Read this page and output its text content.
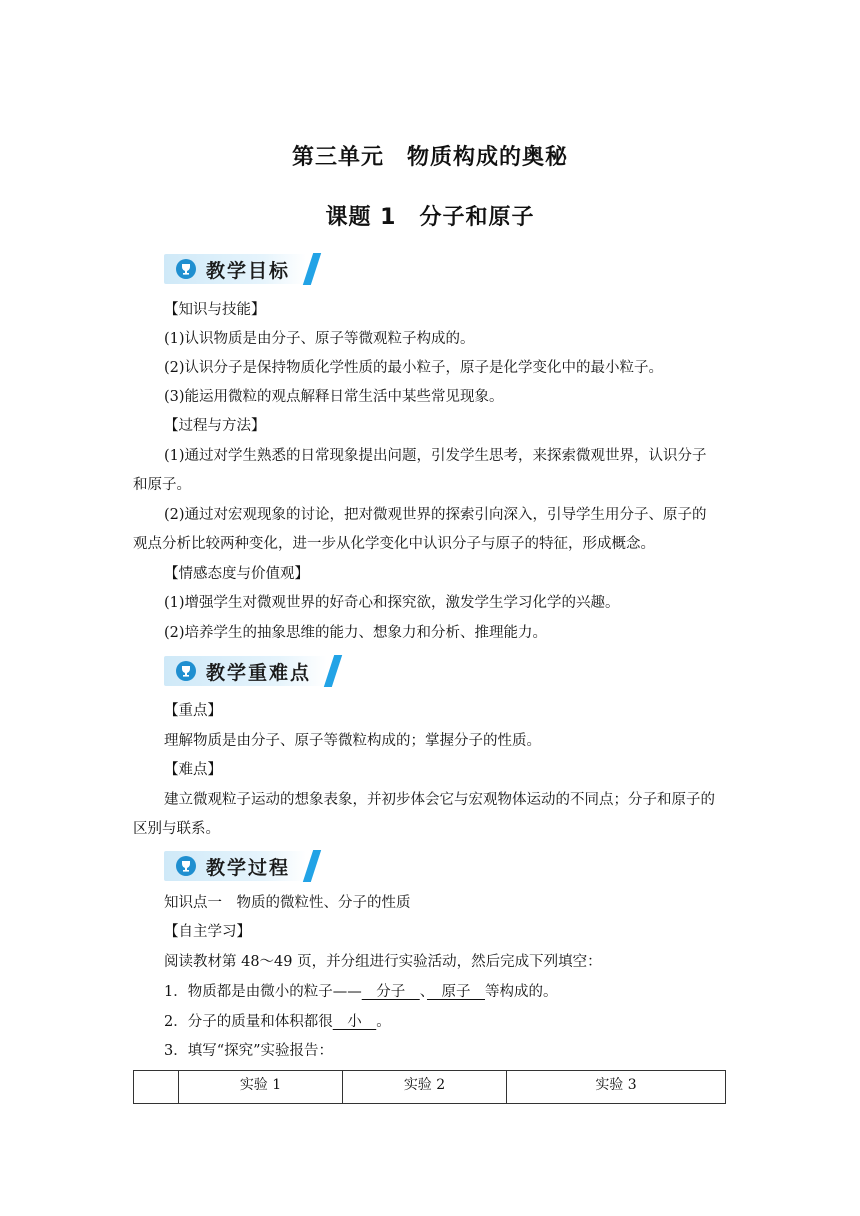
第三单元　物质构成的奥秘
课题 1　分子和原子
教学目标
【知识与技能】
(1)认识物质是由分子、原子等微观粒子构成的。
(2)认识分子是保持物质化学性质的最小粒子，原子是化学变化中的最小粒子。
(3)能运用微粒的观点解释日常生活中某些常见现象。
【过程与方法】
(1)通过对学生熟悉的日常现象提出问题，引发学生思考，来探索微观世界，认识分子
和原子。
(2)通过对宏观现象的讨论，把对微观世界的探索引向深入，引导学生用分子、原子的
观点分析比较两种变化，进一步从化学变化中认识分子与原子的特征，形成概念。
【情感态度与价值观】
(1)增强学生对微观世界的好奇心和探究欲，激发学生学习化学的兴趣。
(2)培养学生的抽象思维的能力、想象力和分析、推理能力。
教学重难点
【重点】
理解物质是由分子、原子等微粒构成的；掌握分子的性质。
【难点】
建立微观粒子运动的想象表象，并初步体会它与宏观物体运动的不同点；分子和原子的
区别与联系。
教学过程
知识点一　物质的微粒性、分子的性质
【自主学习】
阅读教材第 48～49 页，并分组进行实验活动，然后完成下列填空：
1．物质都是由微小的粒子——　分子　、　原子　等构成的。
2．分子的质量和体积都很　小　。
3．填写“探究”实验报告：
	实验 1	实验 2	实验 3
